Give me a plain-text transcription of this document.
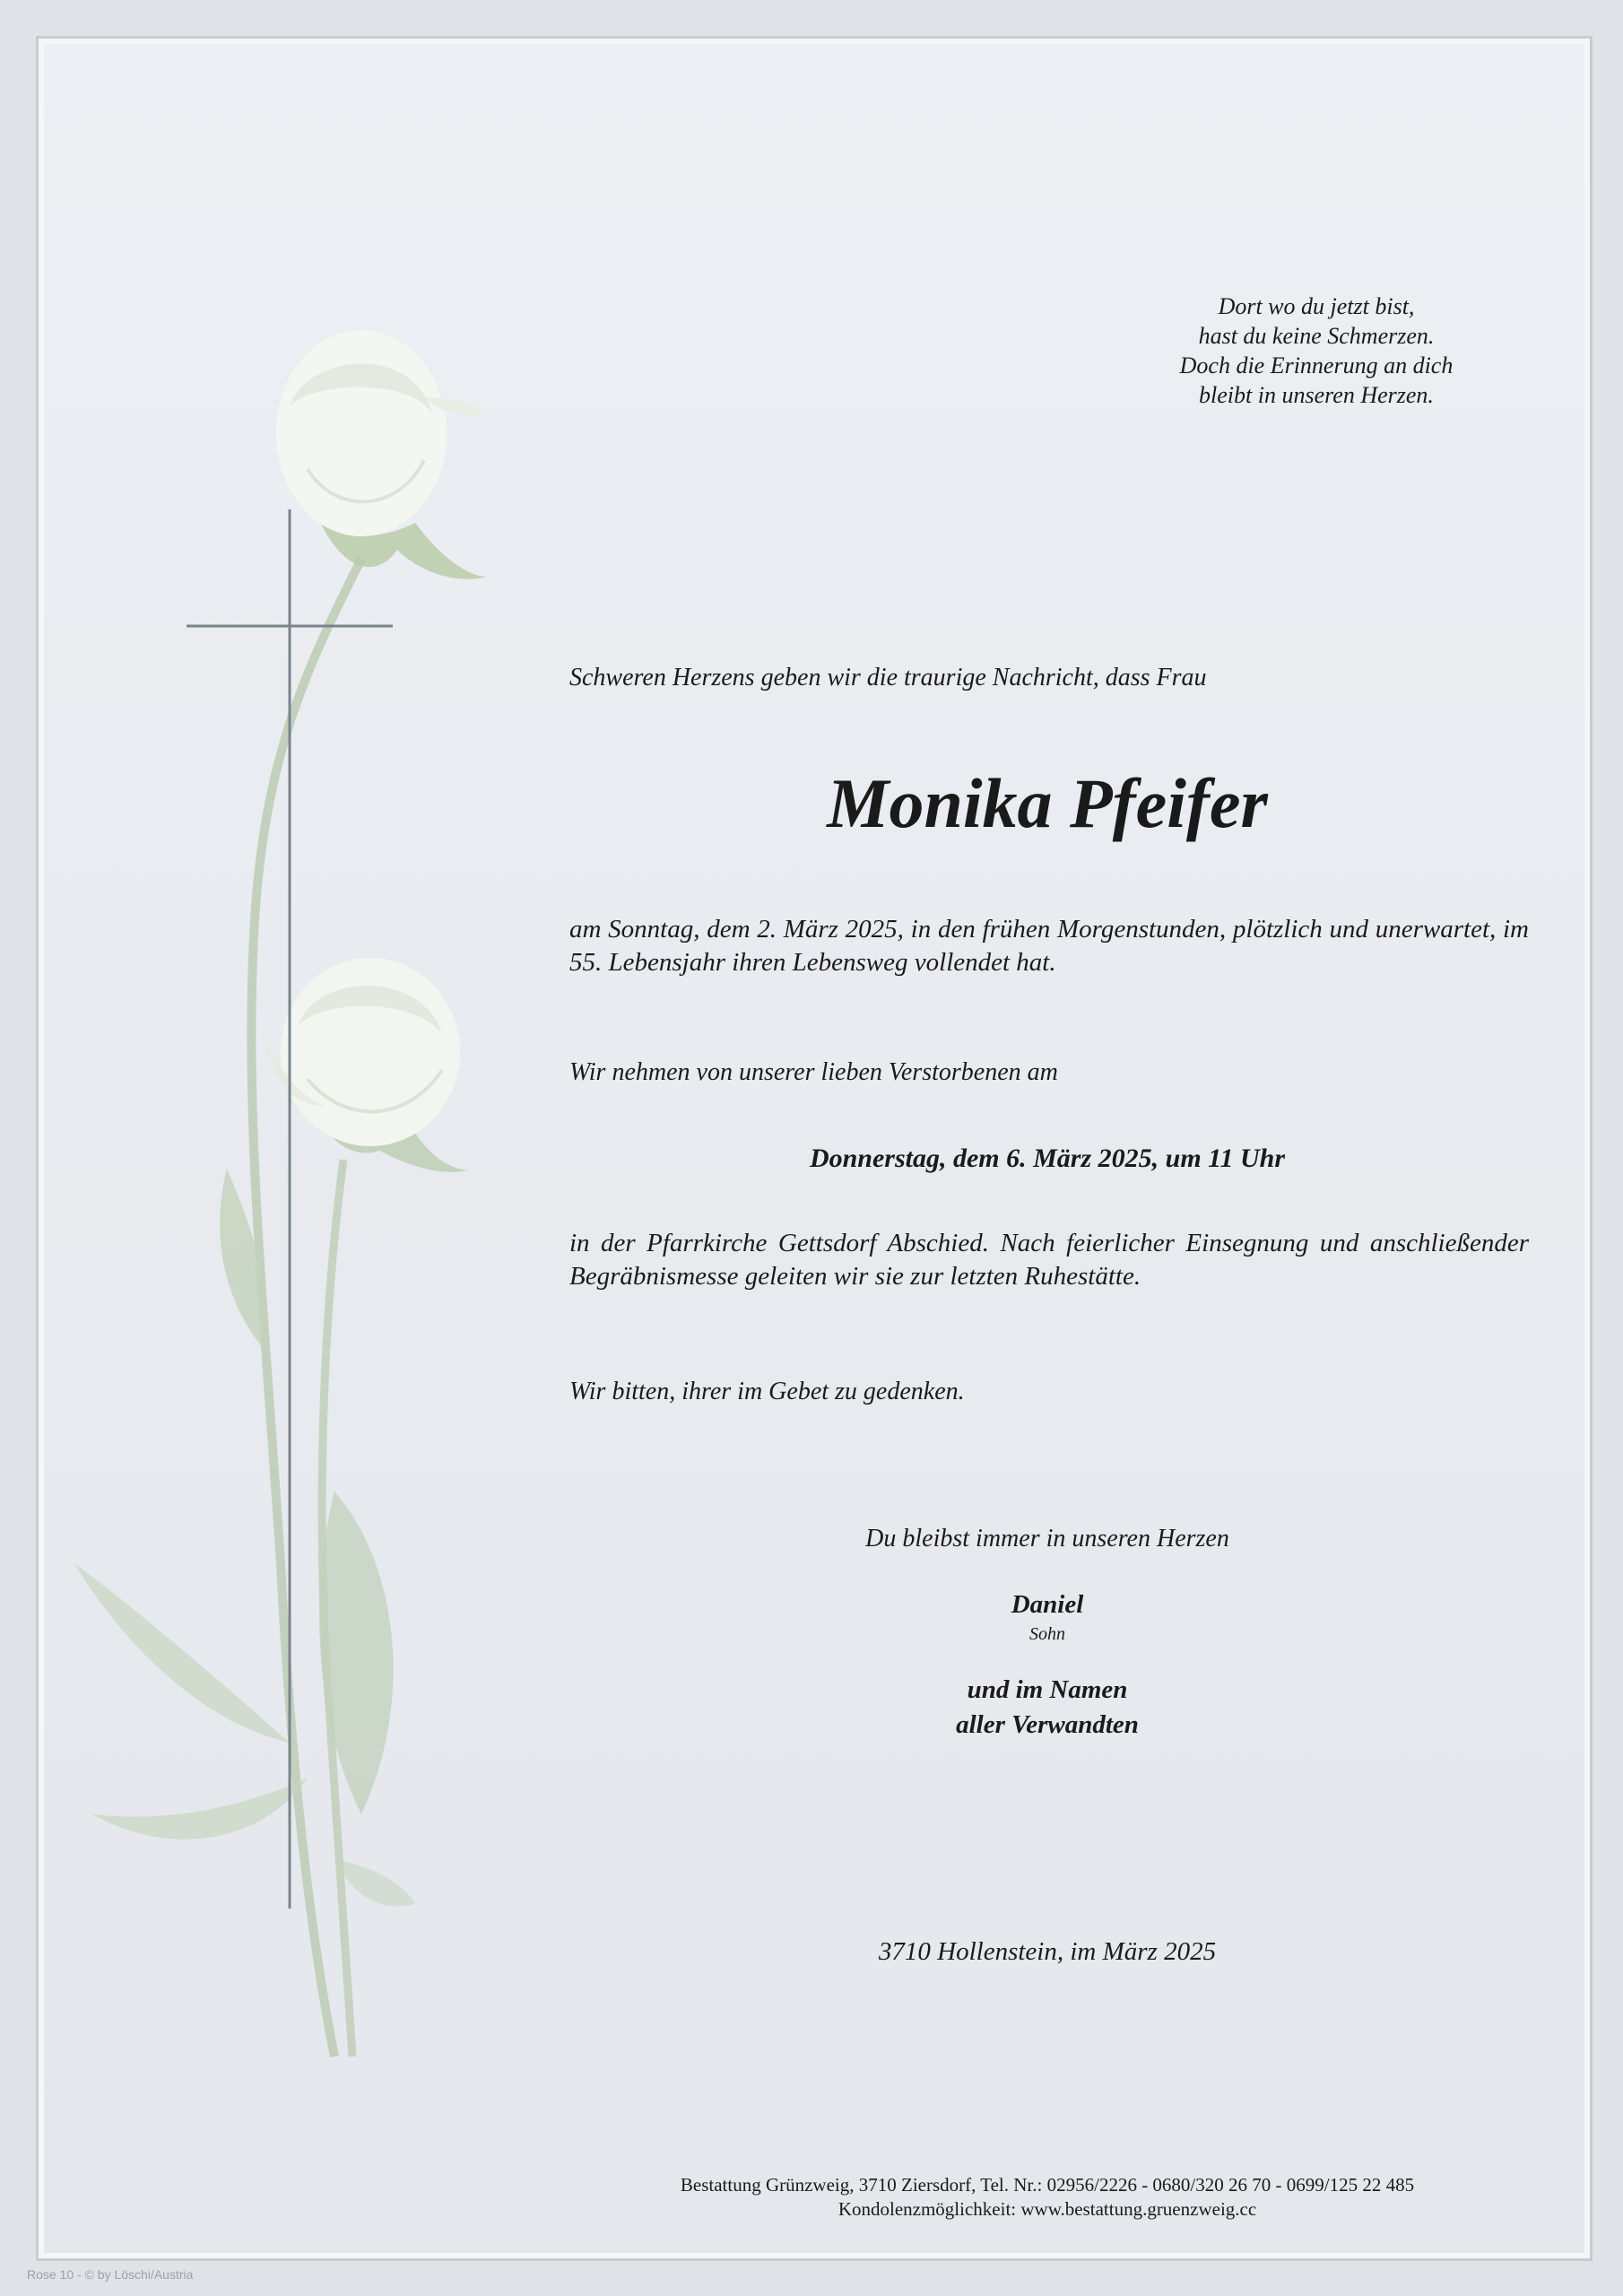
Dort wo du jetzt bist,
hast du keine Schmerzen.
Doch die Erinnerung an dich
bleibt in unseren Herzen.
Schweren Herzens geben wir die traurige Nachricht, dass Frau
Monika Pfeifer
am Sonntag, dem 2. März 2025, in den frühen Morgenstunden, plötzlich und unerwartet, im 55. Lebensjahr ihren Lebensweg vollendet hat.
Wir nehmen von unserer lieben Verstorbenen am
Donnerstag, dem 6. März 2025, um 11 Uhr
in der Pfarrkirche Gettsdorf Abschied. Nach feierlicher Einsegnung und anschließender Begräbnismesse geleiten wir sie zur letzten Ruhestätte.
Wir bitten, ihrer im Gebet zu gedenken.
Du bleibst immer in unseren Herzen
Daniel
Sohn
und im Namen
aller Verwandten
3710 Hollenstein, im März 2025
Bestattung Grünzweig, 3710 Ziersdorf, Tel. Nr.: 02956/2226 - 0680/320 26 70 - 0699/125 22 485
Kondolenzmöglichkeit: www.bestattung.gruenzweig.cc
Rose 10 - © by Löschi/Austria
